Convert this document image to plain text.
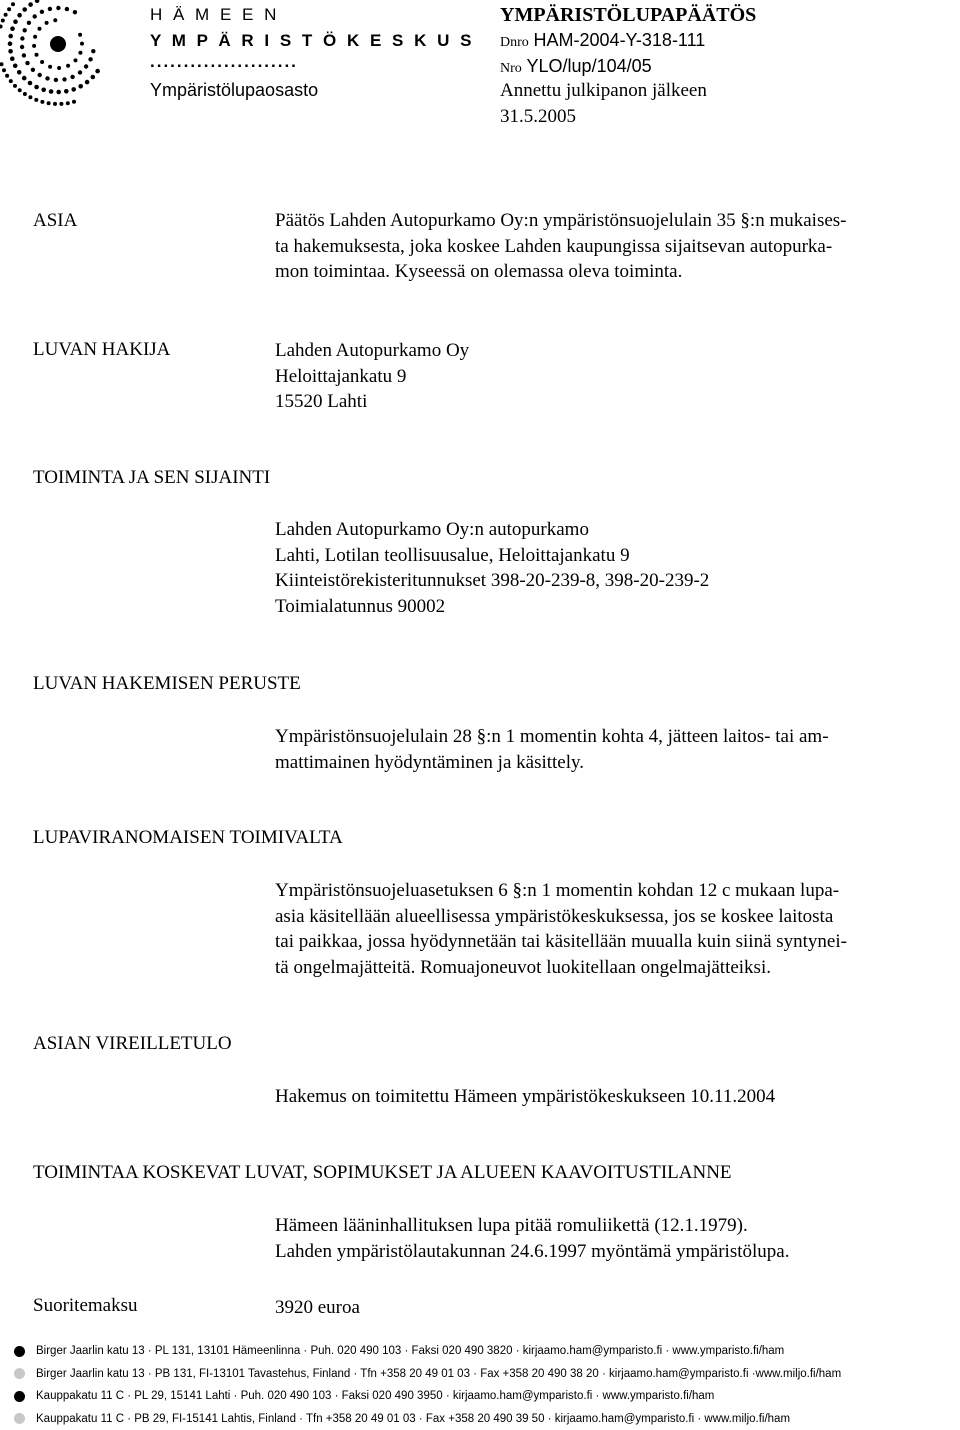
H Ä M E E N
Y M P Ä R I S T Ö K E S K U S
......................
Ympäristölupaosasto
YMPÄRISTÖLUPAPÄÄTÖS
Dnro HAM-2004-Y-318-111
Nro YLO/lup/104/05
Annettu julkipanon jälkeen
31.5.2005
ASIA	Päätös Lahden Autopurkamo Oy:n ympäristönsuojelulain 35 §:n mukaises-
ta hakemuksesta, joka koskee Lahden kaupungissa sijaitsevan autopurka-
mon toimintaa. Kyseessä on olemassa oleva toiminta.
LUVAN HAKIJA	Lahden Autopurkamo Oy
Heloittajankatu 9
15520 Lahti
TOIMINTA JA SEN SIJAINTI
Lahden Autopurkamo Oy:n autopurkamo
Lahti, Lotilan teollisuusalue, Heloittajankatu 9
Kiinteistörekisteritunnukset 398-20-239-8, 398-20-239-2
Toimialatunnus 90002
LUVAN HAKEMISEN PERUSTE
Ympäristönsuojelulain 28 §:n 1 momentin kohta 4, jätteen laitos- tai am-
mattimainen hyödyntäminen ja käsittely.
LUPAVIRANOMAISEN TOIMIVALTA
Ympäristönsuojeluasetuksen 6 §:n 1 momentin kohdan 12 c mukaan lupa-
asia käsitellään alueellisessa ympäristökeskuksessa, jos se koskee laitosta
tai paikkaa, jossa hyödynnetään tai käsitellään muualla kuin siinä syntynei-
tä ongelmajätteitä. Romuajoneuvot luokitellaan ongelmajätteiksi.
ASIAN VIREILLETULO
Hakemus on toimitettu Hämeen ympäristökeskukseen 10.11.2004
TOIMINTAA KOSKEVAT LUVAT, SOPIMUKSET JA ALUEEN KAAVOITUSTILANNE
Hämeen lääninhallituksen lupa pitää romuliikettä (12.1.1979).
Lahden ympäristölautakunnan 24.6.1997 myöntämä ympäristölupa.
Suoritemaksu	3920 euroa
Birger Jaarlin katu 13 · PL 131, 13101 Hämeenlinna · Puh. 020 490 103 · Faksi 020 490 3820 · kirjaamo.ham@ymparisto.fi · www.ymparisto.fi/ham
Birger Jaarlin katu 13 · PB 131, FI-13101 Tavastehus, Finland · Tfn +358 20 49 01 03 · Fax +358 20 490 38 20 · kirjaamo.ham@ymparisto.fi ·www.miljo.fi/ham
Kauppakatu 11 C · PL 29, 15141 Lahti · Puh. 020 490 103 · Faksi 020 490 3950 · kirjaamo.ham@ymparisto.fi · www.ymparisto.fi/ham
Kauppakatu 11 C · PB 29, FI-15141 Lahtis, Finland · Tfn +358 20 49 01 03 · Fax +358 20 490 39 50 · kirjaamo.ham@ymparisto.fi · www.miljo.fi/ham
